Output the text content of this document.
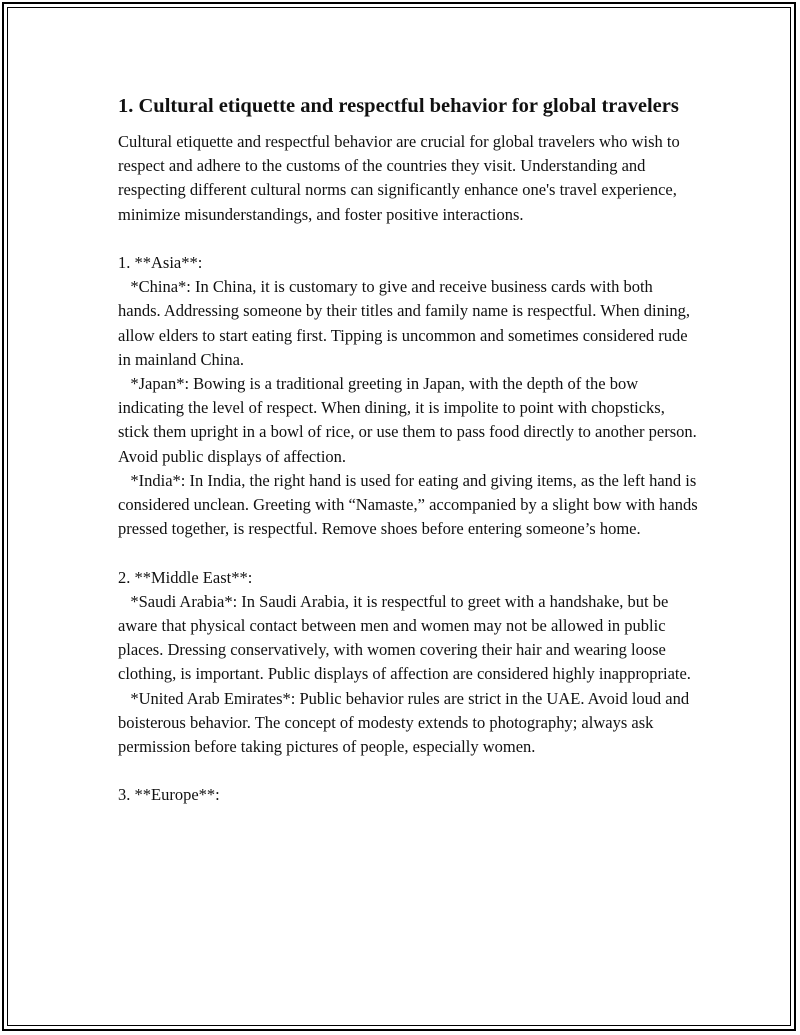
1. Cultural etiquette and respectful behavior for global travelers

Cultural etiquette and respectful behavior are crucial for global travelers who wish to respect and adhere to the customs of the countries they visit. Understanding and respecting different cultural norms can significantly enhance one's travel experience, minimize misunderstandings, and foster positive interactions.

1. **Asia**:

*China*: In China, it is customary to give and receive business cards with both hands. Addressing someone by their titles and family name is respectful. When dining, allow elders to start eating first. Tipping is uncommon and sometimes considered rude in mainland China.

*Japan*: Bowing is a traditional greeting in Japan, with the depth of the bow indicating the level of respect. When dining, it is impolite to point with chopsticks, stick them upright in a bowl of rice, or use them to pass food directly to another person. Avoid public displays of affection.

*India*: In India, the right hand is used for eating and giving items, as the left hand is considered unclean. Greeting with “Namaste,” accompanied by a slight bow with hands pressed together, is respectful. Remove shoes before entering someone’s home.

2. **Middle East**:

*Saudi Arabia*: In Saudi Arabia, it is respectful to greet with a handshake, but be aware that physical contact between men and women may not be allowed in public places. Dressing conservatively, with women covering their hair and wearing loose clothing, is important. Public displays of affection are considered highly inappropriate.

*United Arab Emirates*: Public behavior rules are strict in the UAE. Avoid loud and boisterous behavior. The concept of modesty extends to photography; always ask permission before taking pictures of people, especially women.

3. **Europe**:
